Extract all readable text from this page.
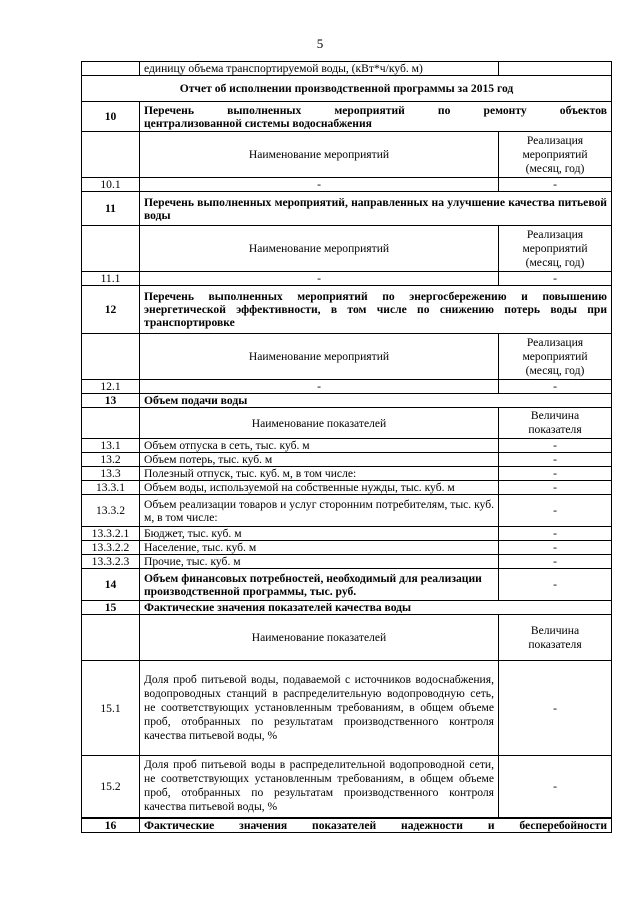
5
	единицу объема транспортируемой воды, (кВт*ч/куб. м)	
Отчет об исполнении производственной программы за 2015 год		
10	Перечень выполненных мероприятий по ремонту объектов
централизованной системы водоснабжения	

	Наименование мероприятий	Реализация
мероприятий
(месяц, год)

10.1	-	-
11	Перечень выполненных мероприятий, направленных на улучшение качества питьевой воды	
	Наименование мероприятий	Реализация
мероприятий
(месяц, год)

11.1	-	-
12	Перечень выполненных мероприятий по энергосбережению и повышению энергетической эффективности, в том числе по снижению потерь воды при транспортировке	
	Наименование мероприятий	Реализация
мероприятий
(месяц, год)

12.1	-	-
13	Объем подачи воды	
	Наименование показателей	Величина
показателя

13.1	Объем отпуска в сеть, тыс. куб. м	-
13.2	Объем потерь, тыс. куб. м	-
13.3	Полезный отпуск, тыс. куб. м, в том числе:	-
13.3.1	Объем воды, используемой на собственные нужды, тыс. куб. м	-
13.3.2	Объем реализации товаров и услуг сторонним потребителям, тыс. куб. м, в том числе:	-
13.3.2.1	Бюджет, тыс. куб. м	-
13.3.2.2	Население, тыс. куб. м	-
13.3.2.3	Прочие, тыс. куб. м	-
14	Объем финансовых потребностей, необходимый для реализации производственной программы, тыс. руб.	-
15	Фактические значения показателей качества воды	
	Наименование показателей	Величина
показателя

15.1	Доля проб питьевой воды, подаваемой с источников водоснабжения, водопроводных станций в распределительную водопроводную сеть, не соответствующих установленным требованиям, в общем объеме проб, отобранных по результатам производственного контроля качества питьевой воды, %	-
15.2	Доля проб питьевой воды в распределительной водопроводной сети, не соответствующих установленным требованиям, в общем объеме проб, отобранных по результатам производственного контроля качества питьевой воды, %	-
16	Фактические значения показателей надежности и бесперебойности	
